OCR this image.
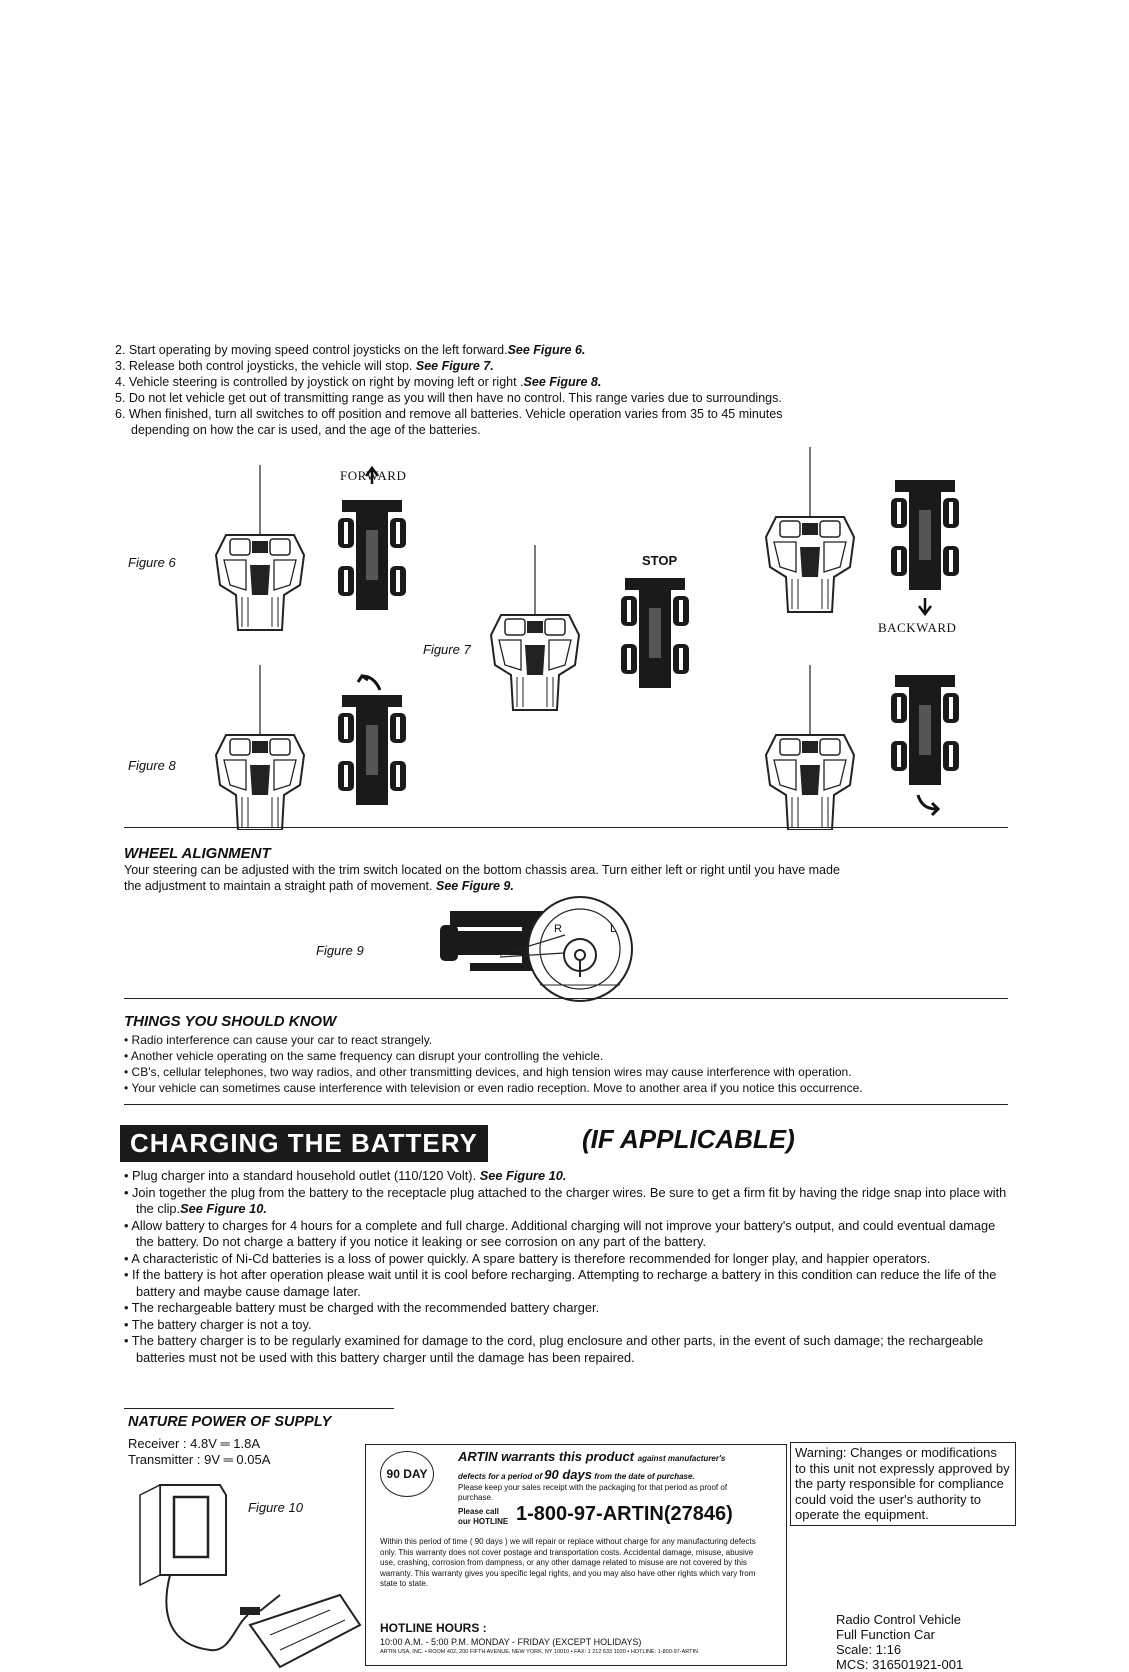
2. Start operating by moving speed control joysticks on the left forward.See Figure 6.
3. Release both control joysticks, the vehicle will stop. See Figure 7.
4. Vehicle steering is controlled by joystick on right by moving left or right .See Figure 8.
5. Do not let vehicle get out of transmitting range as you will then have no control. This range varies due to surroundings.
6. When finished, turn all switches to off position and remove all batteries. Vehicle operation varies from 35 to 45 minutes
depending on how the car is used, and the age of the batteries.
Figure 6
Figure 7
Figure 8
FORWARD
STOP
BACKWARD
WHEEL ALIGNMENT
Your steering can be adjusted with the trim switch located on the bottom chassis area. Turn either left or right until you have made
the adjustment to maintain a straight path of movement. See Figure 9.
Figure 9
R	L
THINGS YOU SHOULD KNOW
• Radio interference can cause your car to react strangely.
• Another vehicle operating on the same frequency can disrupt your controlling the vehicle.
• CB's, cellular telephones, two way radios, and other transmitting devices, and high tension wires may cause interference with operation.
• Your vehicle can sometimes cause interference with television or even radio reception. Move to another area if you notice this occurrence.
CHARGING THE BATTERY	(IF APPLICABLE)
• Plug charger into a standard household outlet (110/120 Volt). See Figure 10.
• Join together the plug from the battery to the receptacle plug attached to the charger wires. Be sure to get a firm fit by having the ridge snap into place with the clip.See Figure 10.
• Allow battery to charges for 4 hours for a complete and full charge. Additional charging will not improve your battery's output, and could eventual damage the battery. Do not charge a battery if you notice it leaking or see corrosion on any part of the battery.
• A characteristic of Ni-Cd batteries is a loss of power quickly. A spare battery is therefore recommended for longer play, and happier operators.
• If the battery is hot after operation please wait until it is cool before recharging. Attempting to recharge a battery in this condition can reduce the life of the battery and maybe cause damage later.
• The rechargeable battery must be charged with the recommended battery charger.
• The battery charger is not a toy.
• The battery charger is to be regularly examined for damage to the cord, plug enclosure and other parts, in the event of such damage; the rechargeable batteries must not be used with this battery charger until the damage has been repaired.
NATURE POWER OF SUPPLY
Receiver : 4.8V ═ 1.8A
Transmitter : 9V ═ 0.05A
Figure 10
90 DAY
ARTIN warrants this product against manufacturer's
defects for a period of 90 days from the date of purchase.
Please keep your sales receipt with the packaging for that period as proof of purchase.
Please call our HOTLINE 1-800-97-ARTIN(27846)
Within this period of time ( 90 days ) we will repair or replace without charge for any manufacturing defects only. This warranty does not cover postage and transportation costs. Accidental damage, misuse, abusive use, crashing, corrosion from dampness, or any other damage related to misuse are not covered by this warranty. This warranty gives you specific legal rights, and you may also have other rights which vary from state to state.
HOTLINE HOURS :
10:00 A.M. - 5:00 P.M. MONDAY - FRIDAY (EXCEPT HOLIDAYS)
ARTIN USA, INC. • ROOM 402, 200 FIFTH AVENUE, NEW YORK, NY 10010 • FAX: 1 212 633 1020 • HOTLINE: 1-800-97-ARTIN
Warning: Changes or modifications to this unit not expressly approved by the party responsible for compliance could void the user's authority to operate the equipment.
Radio Control Vehicle
Full Function Car
Scale: 1:16
MCS: 316501921-001
